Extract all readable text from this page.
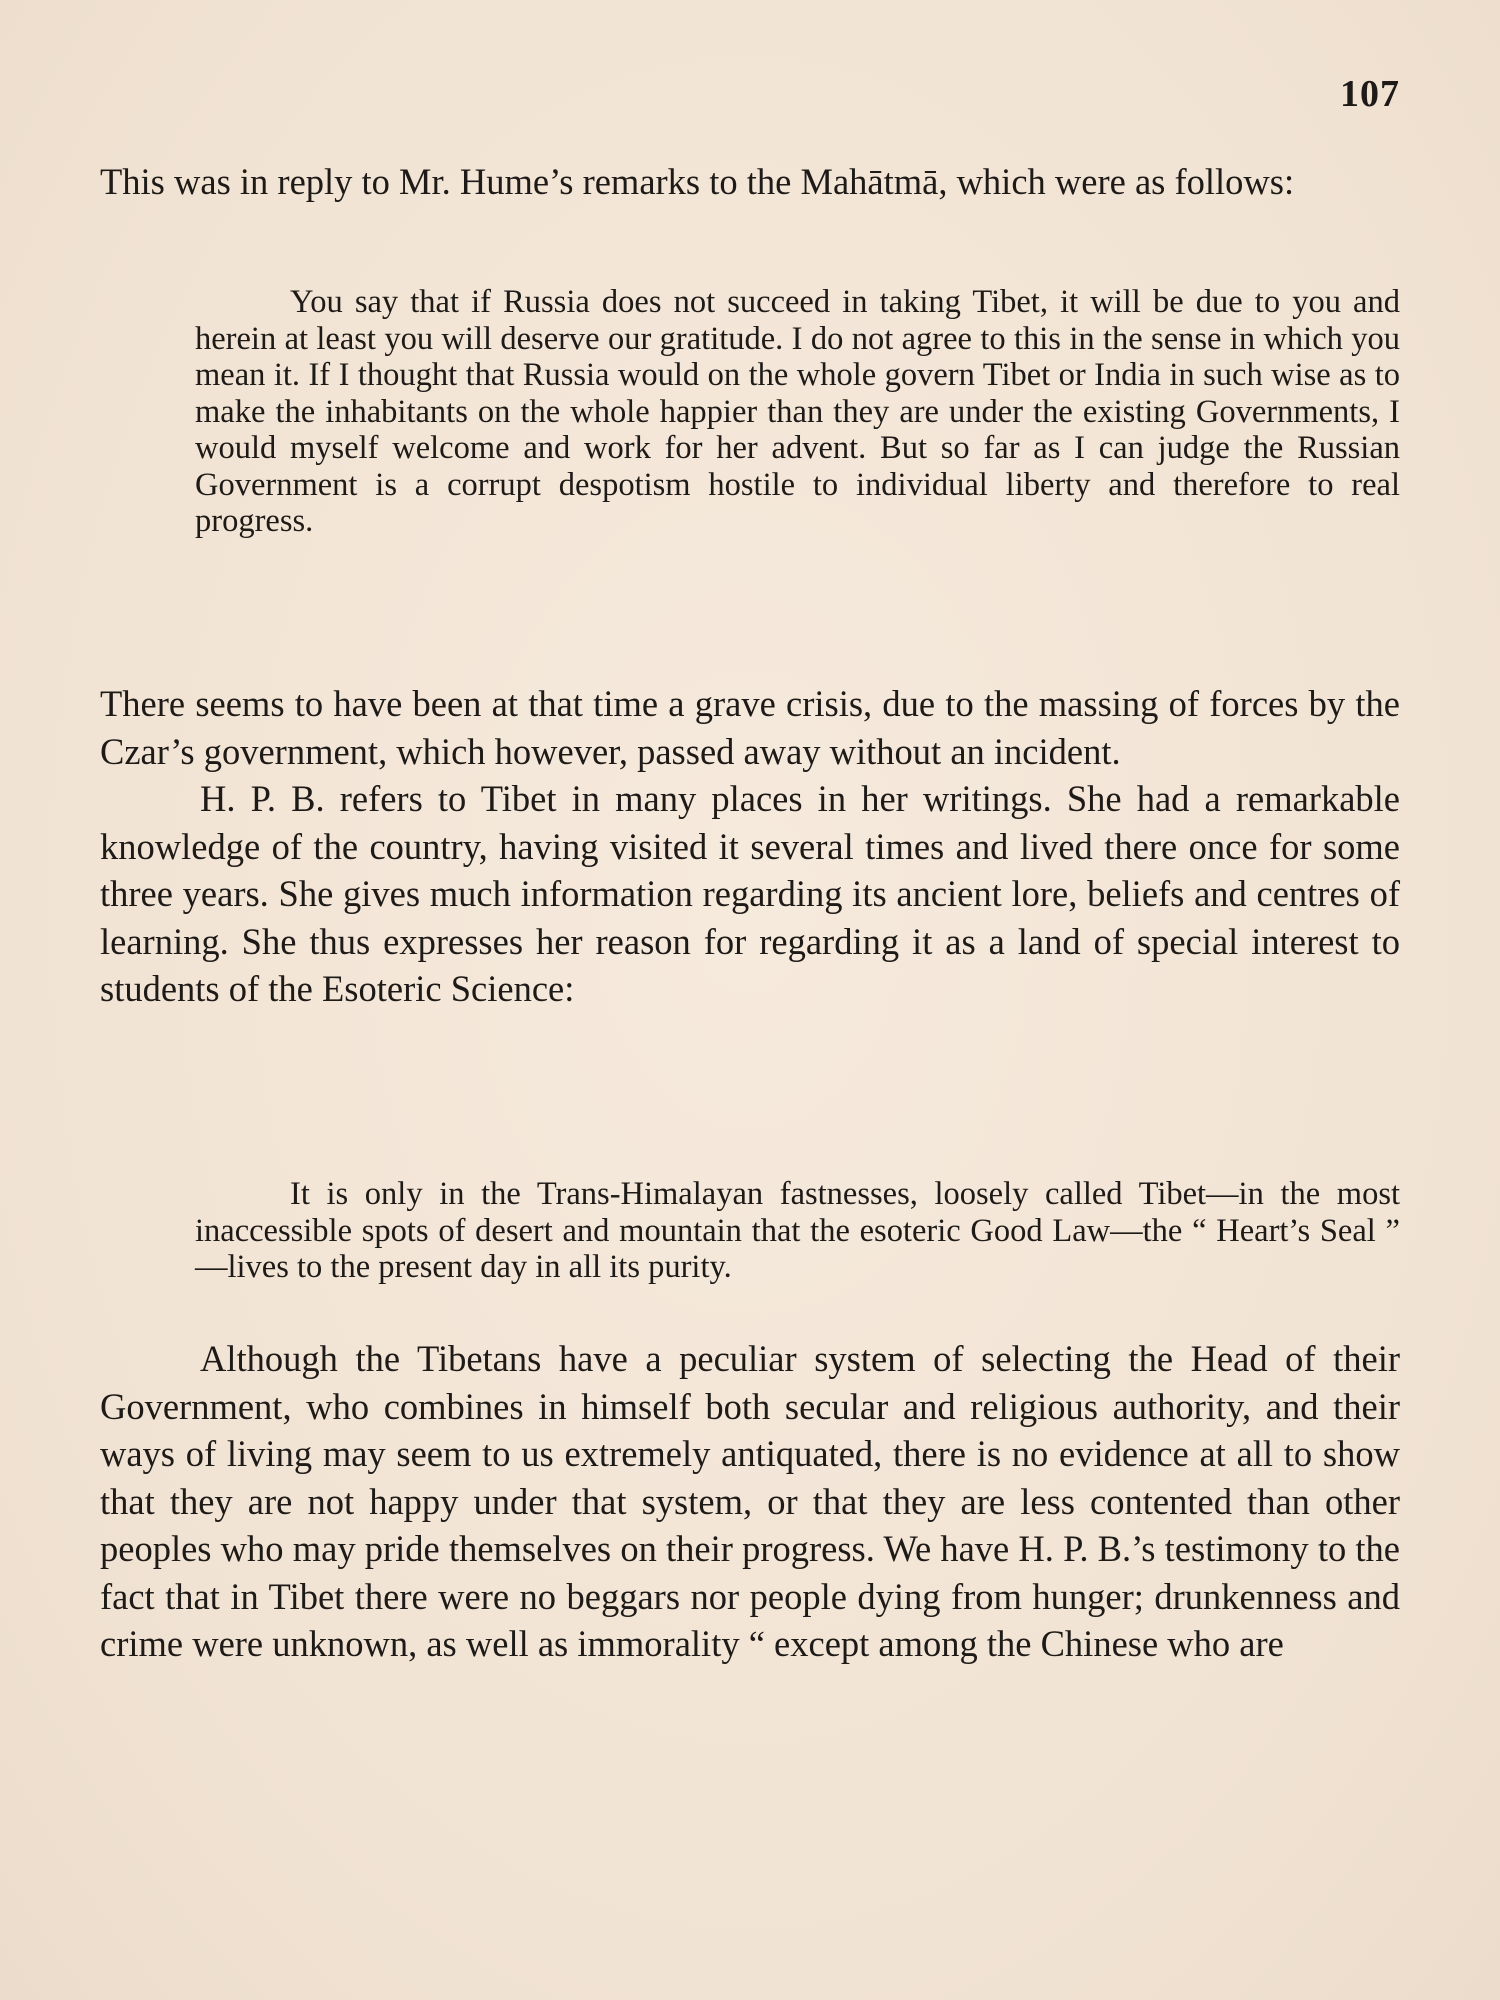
107

This was in reply to Mr. Hume’s remarks to the Mahātmā, which were as follows:

You say that if Russia does not succeed in taking Tibet, it will be due to you and herein at least you will deserve our gratitude. I do not agree to this in the sense in which you mean it. If I thought that Russia would on the whole govern Tibet or India in such wise as to make the inhabitants on the whole happier than they are under the existing Governments, I would myself welcome and work for her advent. But so far as I can judge the Russian Government is a corrupt despotism hostile to individual liberty and therefore to real progress.

There seems to have been at that time a grave crisis, due to the massing of forces by the Czar’s government, which however, passed away without an incident.

H. P. B. refers to Tibet in many places in her writings. She had a remarkable knowledge of the country, having visited it several times and lived there once for some three years. She gives much information regarding its ancient lore, beliefs and centres of learning. She thus expresses her reason for regarding it as a land of special interest to students of the Esoteric Science:

It is only in the Trans-Himalayan fastnesses, loosely called Tibet—in the most inaccessible spots of desert and mountain that the esoteric Good Law—the “ Heart’s Seal ” —lives to the present day in all its purity.

Although the Tibetans have a peculiar system of selecting the Head of their Government, who combines in himself both secular and religious authority, and their ways of living may seem to us extremely antiquated, there is no evidence at all to show that they are not happy under that system, or that they are less contented than other peoples who may pride themselves on their progress. We have H. P. B.’s testimony to the fact that in Tibet there were no beggars nor people dying from hunger; drunkenness and crime were unknown, as well as immorality “ except among the Chinese who are
